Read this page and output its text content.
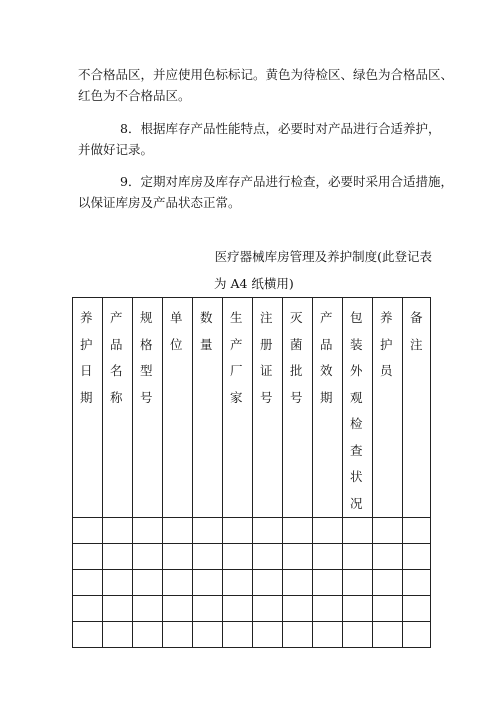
不合格品区，并应使用色标标记。黄色为待检区、绿色为合格品区、
红色为不合格品区。

8．根据库存产品性能特点，必要时对产品进行合适养护，
并做好记录。

9．定期对库房及库存产品进行检查，必要时采用合适措施，
以保证库房及产品状态正常。

医疗器械库房管理及养护制度(此登记表
为 A4 纸横用)
养护日期	产品名称	规格型号	单位	数量	生产厂家	注册证号	灭菌批号	产品效期	包装外观检查状况	养护员	备注
